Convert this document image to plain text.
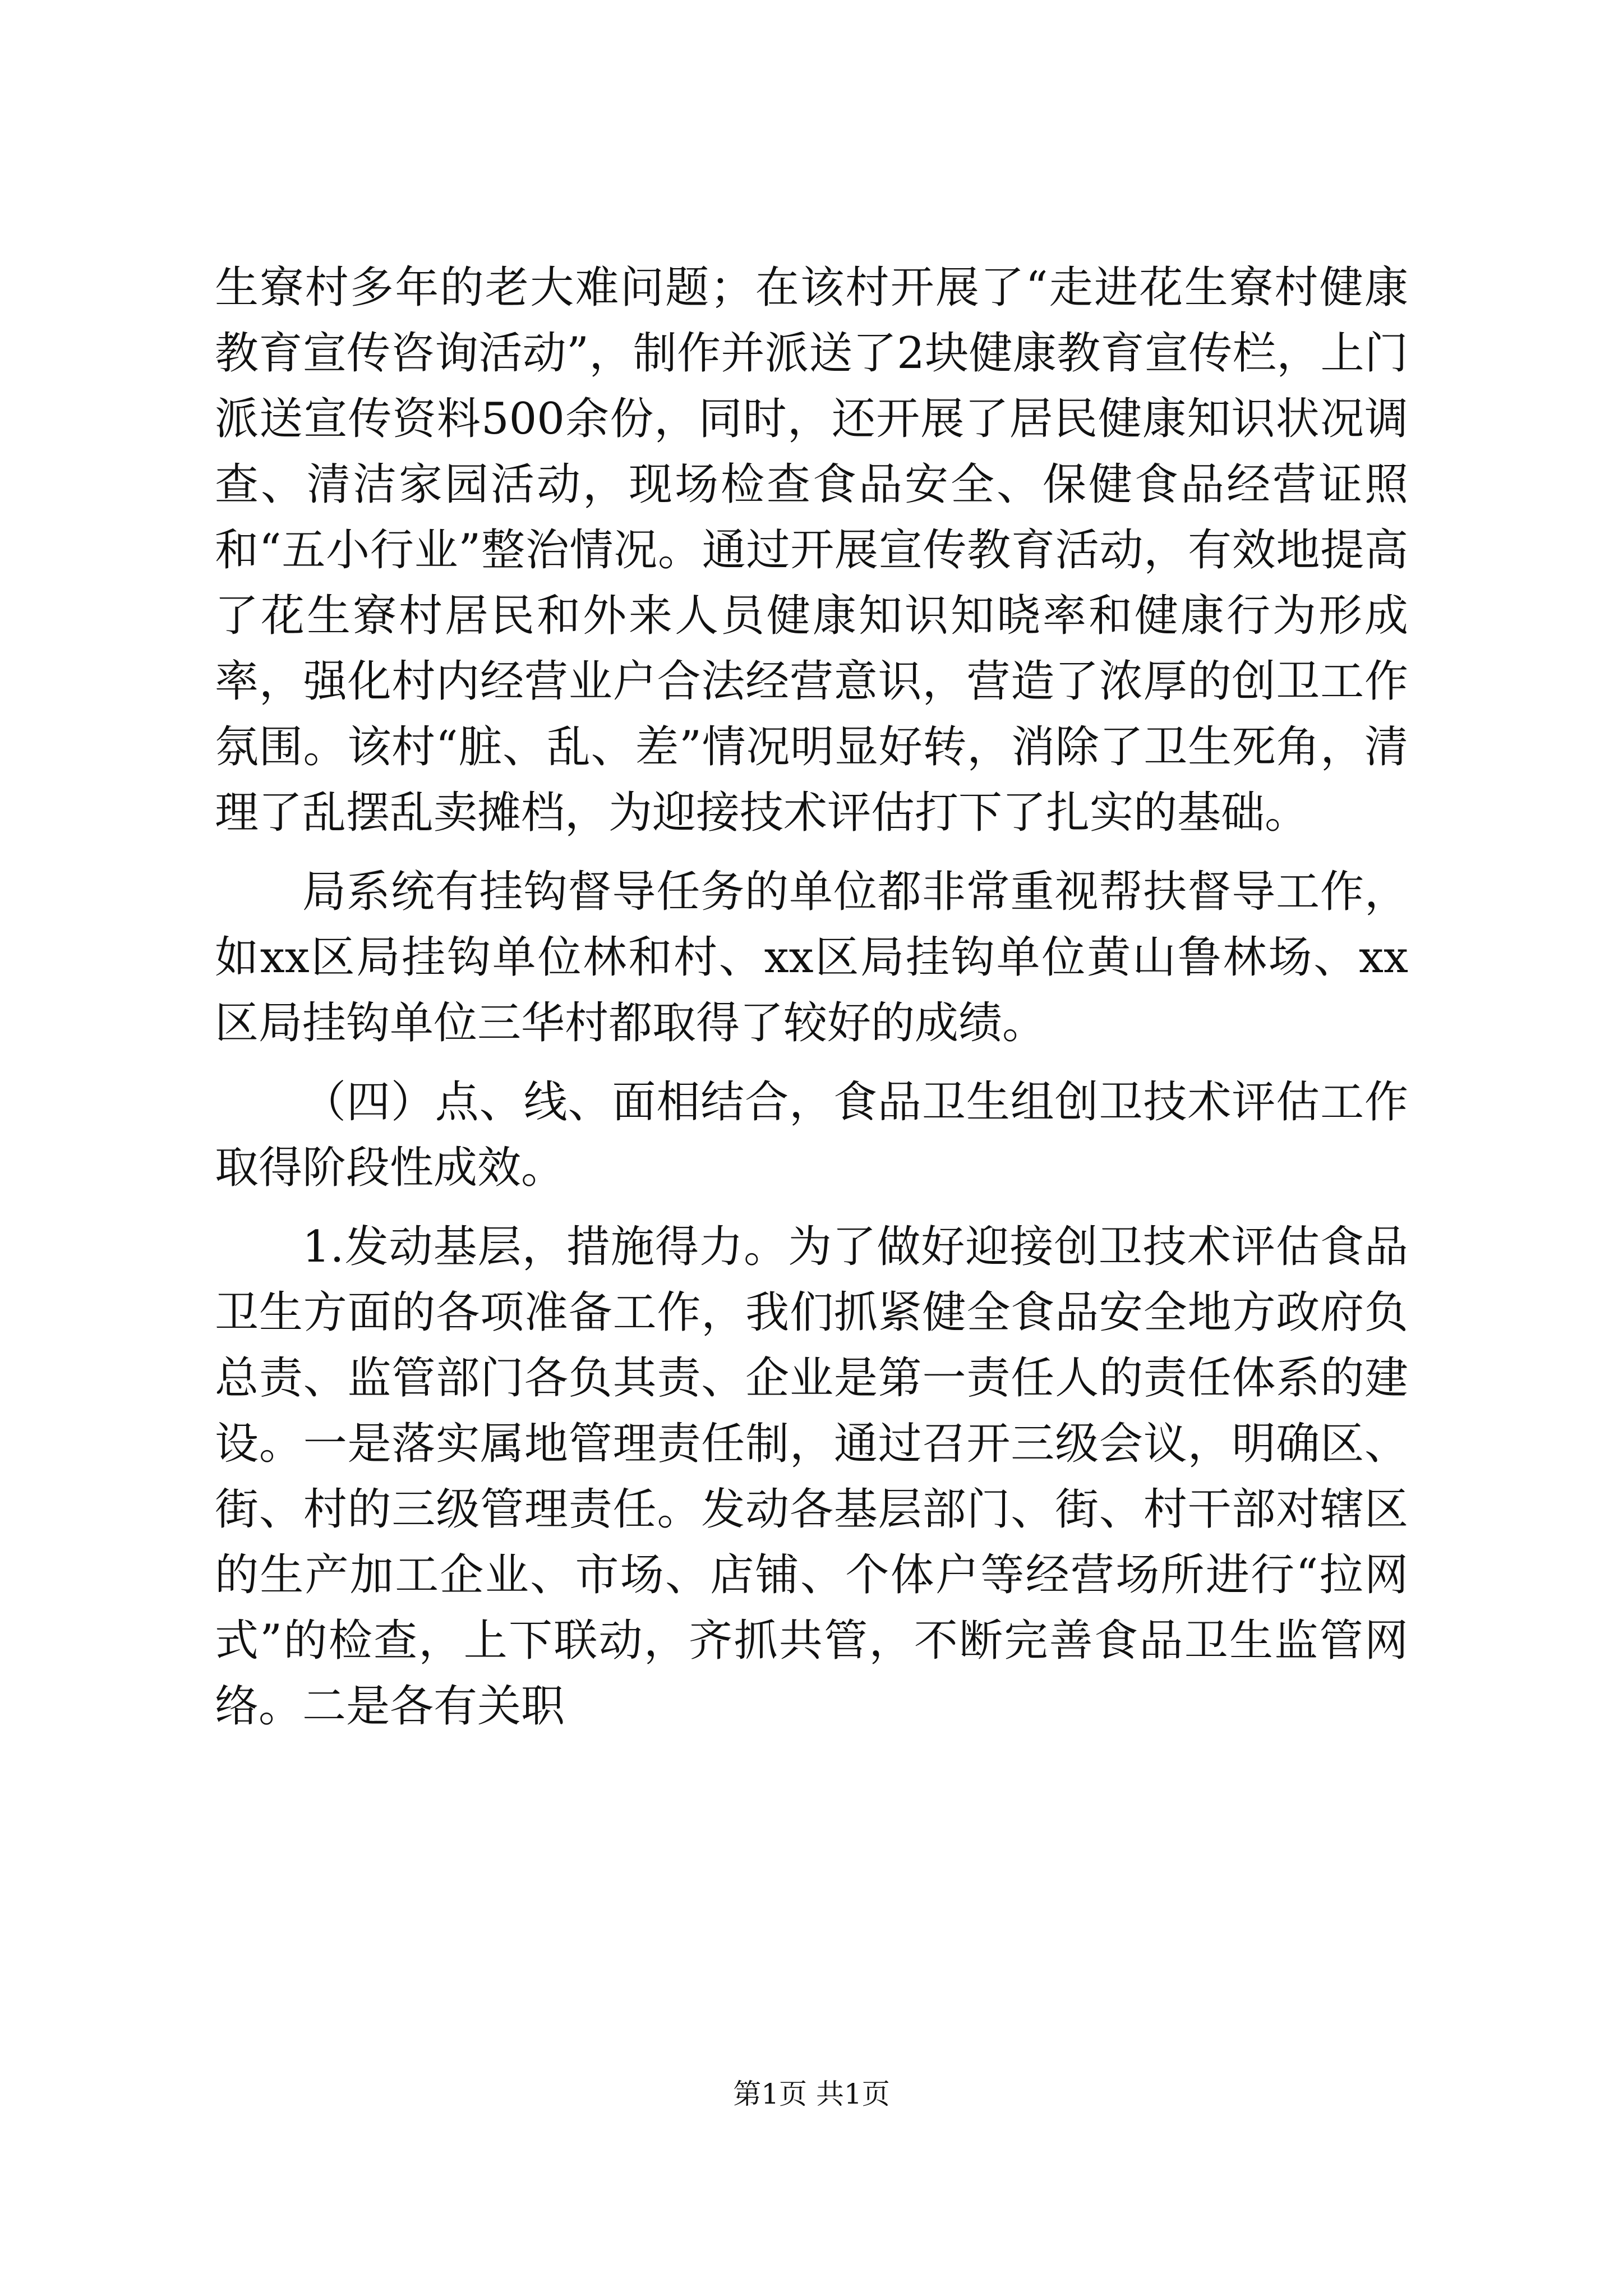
生寮村多年的老大难问题；在该村开展了“走进花生寮村健康教育宣传咨询活动”，制作并派送了2块健康教育宣传栏，上门派送宣传资料500余份，同时，还开展了居民健康知识状况调查、清洁家园活动，现场检查食品安全、保健食品经营证照和“五小行业”整治情况。通过开展宣传教育活动，有效地提高了花生寮村居民和外来人员健康知识知晓率和健康行为形成率，强化村内经营业户合法经营意识，营造了浓厚的创卫工作氛围。该村“脏、乱、差”情况明显好转，消除了卫生死角，清理了乱摆乱卖摊档，为迎接技术评估打下了扎实的基础。

局系统有挂钩督导任务的单位都非常重视帮扶督导工作，如xx区局挂钩单位林和村、xx区局挂钩单位黄山鲁林场、xx区局挂钩单位三华村都取得了较好的成绩。

（四）点、线、面相结合，食品卫生组创卫技术评估工作取得阶段性成效。

1.发动基层，措施得力。为了做好迎接创卫技术评估食品卫生方面的各项准备工作，我们抓紧健全食品安全地方政府负总责、监管部门各负其责、企业是第一责任人的责任体系的建设。一是落实属地管理责任制，通过召开三级会议，明确区、街、村的三级管理责任。发动各基层部门、街、村干部对辖区的生产加工企业、市场、店铺、个体户等经营场所进行“拉网式”的检查，上下联动，齐抓共管，不断完善食品卫生监管网络。二是各有关职

第1页 共1页
